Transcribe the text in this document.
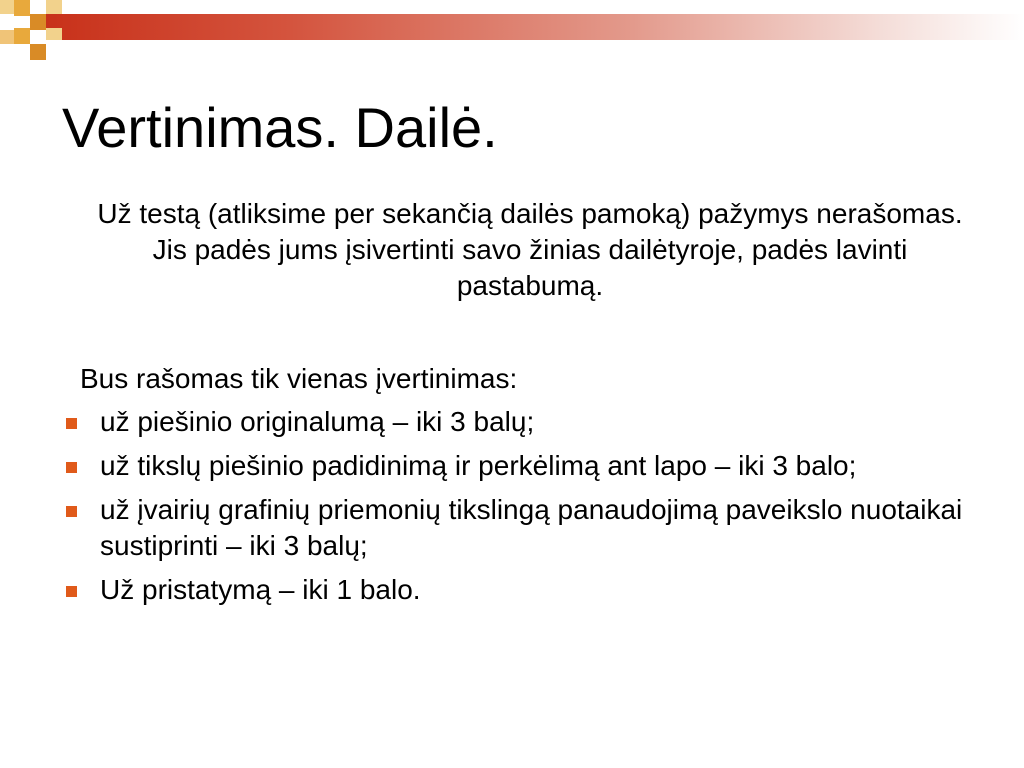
Vertinimas. Dailė.

Už testą (atliksime per sekančią dailės pamoką) pažymys nerašomas. Jis padės jums įsivertinti savo žinias dailėtyroje, padės lavinti pastabumą.

Bus rašomas tik vienas įvertinimas:

už piešinio originalumą – iki 3 balų;
už tikslų piešinio padidinimą ir perkėlimą ant lapo – iki 3 balo;
už įvairių grafinių priemonių tikslingą panaudojimą paveikslo nuotaikai sustiprinti – iki 3 balų;
Už pristatymą – iki 1 balo.
